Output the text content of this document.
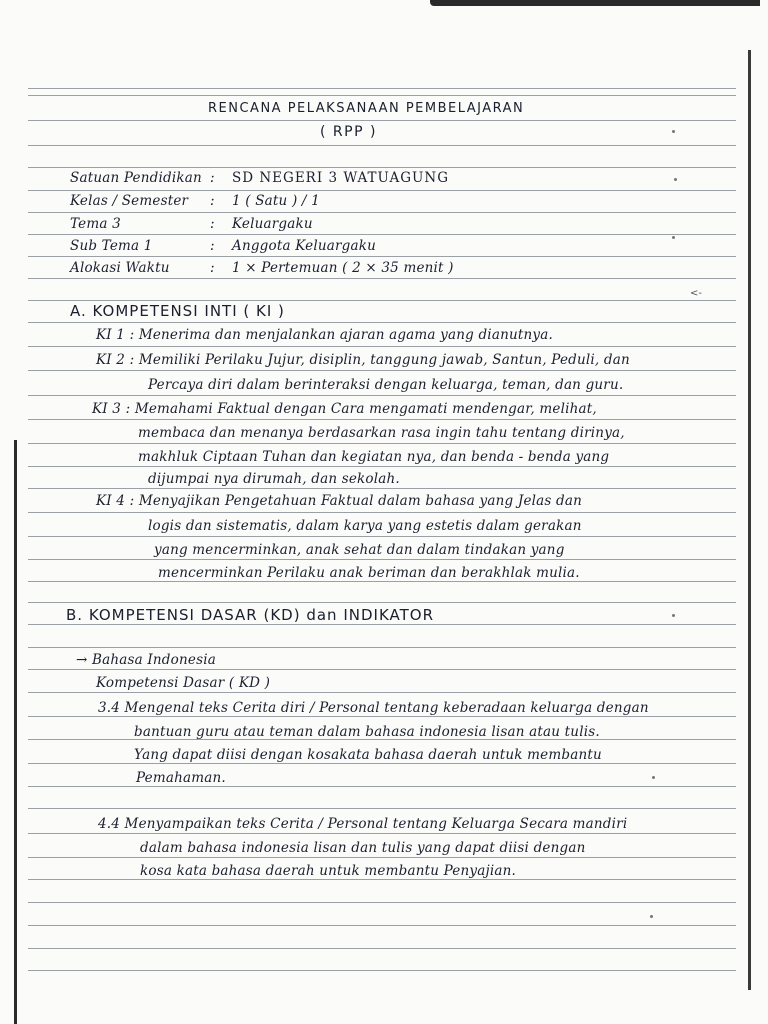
RENCANA PELAKSANAAN PEMBELAJARAN
( RPP )
Satuan Pendidikan : SD NEGERI 3 WATUAGUNG
Kelas / Semester : 1 ( Satu ) / 1
Tema 3	: Keluargaku
Sub Tema 1	: Anggota Keluargaku
Alokasi Waktu	: 1 × Pertemuan ( 2 × 35 menit )
<-
A. KOMPETENSI INTI ( KI )
KI 1 : Menerima dan menjalankan ajaran agama yang dianutnya.
KI 2 : Memiliki Perilaku Jujur, disiplin, tanggung jawab, Santun, Peduli, dan
Percaya diri dalam berinteraksi dengan keluarga, teman, dan guru.
KI 3 : Memahami Faktual dengan Cara mengamati mendengar, melihat,
membaca dan menanya berdasarkan rasa ingin tahu tentang dirinya,
makhluk Ciptaan Tuhan dan kegiatan nya, dan benda - benda yang
dijumpai nya dirumah, dan sekolah.
KI 4 : Menyajikan Pengetahuan Faktual dalam bahasa yang Jelas dan
logis dan sistematis, dalam karya yang estetis dalam gerakan
yang mencerminkan, anak sehat dan dalam tindakan yang
mencerminkan Perilaku anak beriman dan berakhlak mulia.
B. KOMPETENSI DASAR (KD) dan INDIKATOR
→ Bahasa Indonesia
Kompetensi Dasar ( KD )
3.4 Mengenal teks Cerita diri / Personal tentang keberadaan keluarga dengan
bantuan guru atau teman dalam bahasa indonesia lisan atau tulis.
Yang dapat diisi dengan kosakata bahasa daerah untuk membantu
Pemahaman.
4.4 Menyampaikan teks Cerita / Personal tentang Keluarga Secara mandiri
dalam bahasa indonesia lisan dan tulis yang dapat diisi dengan
kosa kata bahasa daerah untuk membantu Penyajian.
